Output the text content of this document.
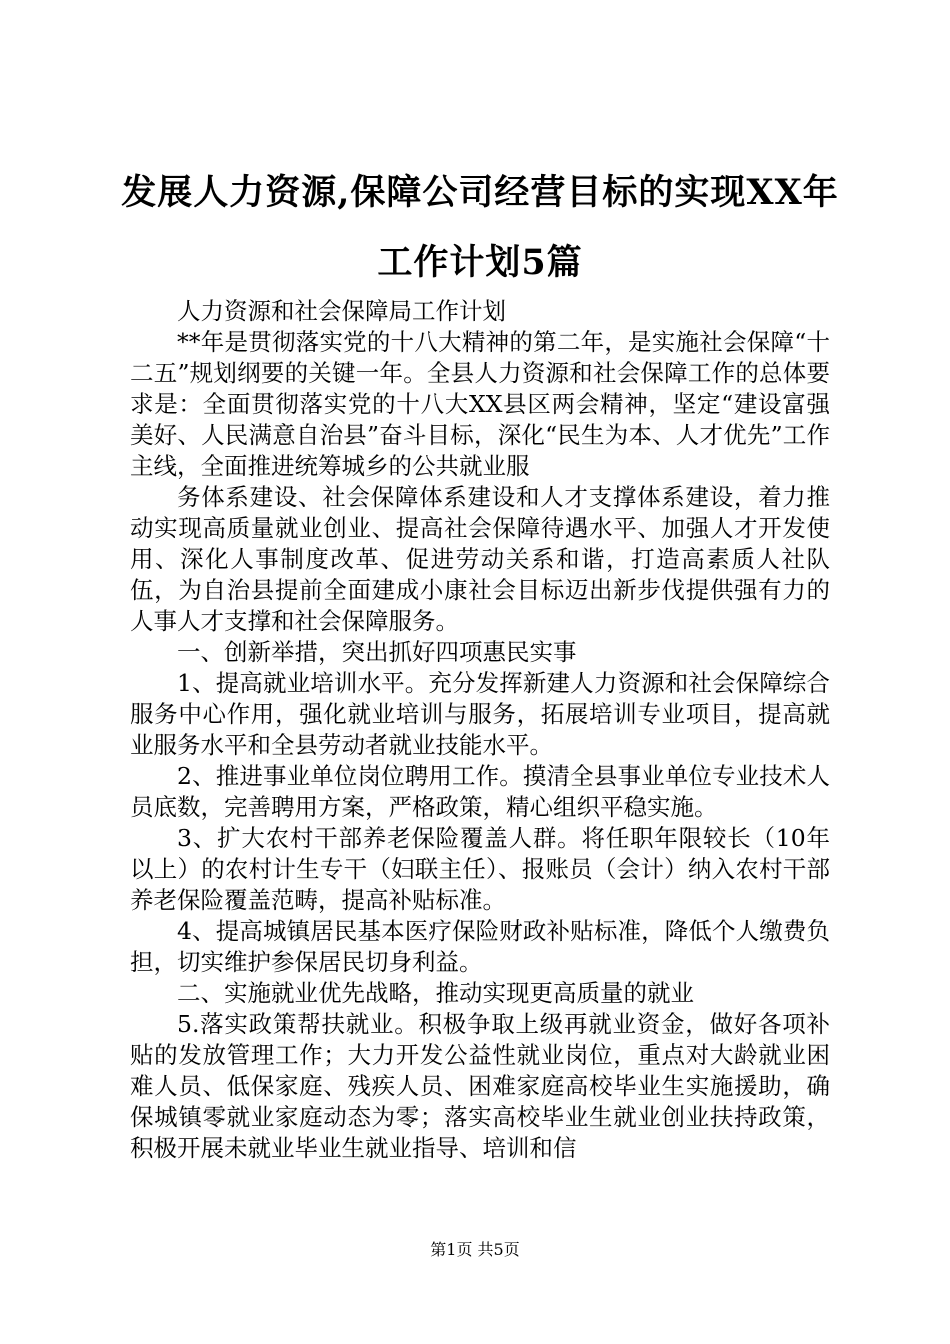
发展人力资源,保障公司经营目标的实现XX年
工作计划5篇

人力资源和社会保障局工作计划

**年是贯彻落实党的十八大精神的第二年，是实施社会保障“十二五”规划纲要的关键一年。全县人力资源和社会保障工作的总体要求是：全面贯彻落实党的十八大XX县区两会精神，坚定“建设富强美好、人民满意自治县”奋斗目标，深化“民生为本、人才优先”工作主线，全面推进统筹城乡的公共就业服

务体系建设、社会保障体系建设和人才支撑体系建设，着力推动实现高质量就业创业、提高社会保障待遇水平、加强人才开发使用、深化人事制度改革、促进劳动关系和谐，打造高素质人社队伍，为自治县提前全面建成小康社会目标迈出新步伐提供强有力的人事人才支撑和社会保障服务。

一、创新举措，突出抓好四项惠民实事

1、提高就业培训水平。充分发挥新建人力资源和社会保障综合服务中心作用，强化就业培训与服务，拓展培训专业项目，提高就业服务水平和全县劳动者就业技能水平。

2、推进事业单位岗位聘用工作。摸清全县事业单位专业技术人员底数，完善聘用方案，严格政策，精心组织平稳实施。

3、扩大农村干部养老保险覆盖人群。将任职年限较长（10年以上）的农村计生专干（妇联主任）、报账员（会计）纳入农村干部养老保险覆盖范畴，提高补贴标准。

4、提高城镇居民基本医疗保险财政补贴标准，降低个人缴费负担，切实维护参保居民切身利益。

二、实施就业优先战略，推动实现更高质量的就业

5.落实政策帮扶就业。积极争取上级再就业资金，做好各项补贴的发放管理工作；大力开发公益性就业岗位，重点对大龄就业困难人员、低保家庭、残疾人员、困难家庭高校毕业生实施援助，确保城镇零就业家庭动态为零；落实高校毕业生就业创业扶持政策，积极开展未就业毕业生就业指导、培训和信

第1页 共5页
